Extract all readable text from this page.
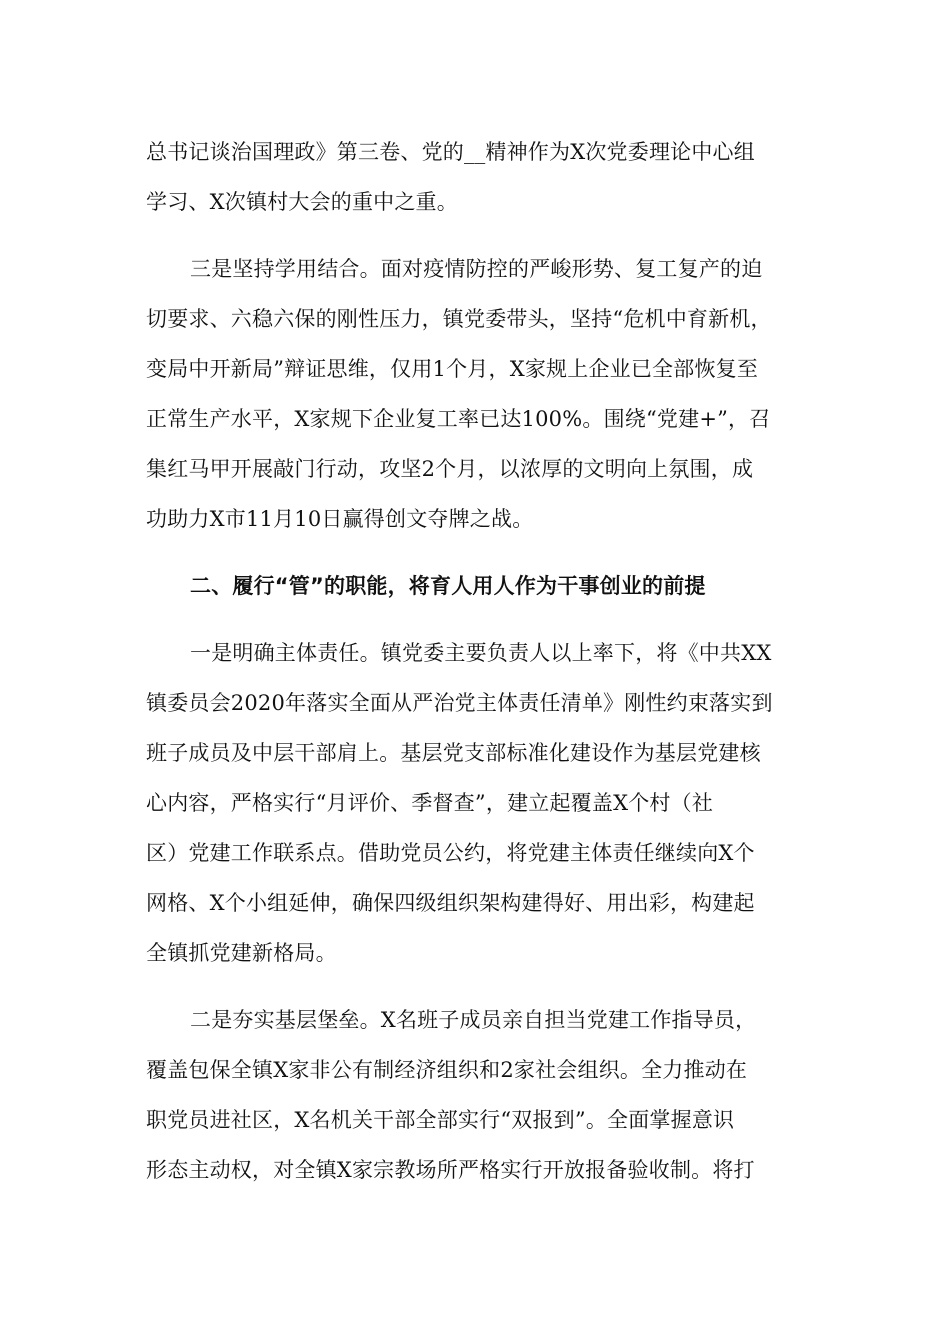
总书记谈治国理政》第三卷、党的__精神作为X次党委理论中心组
学习、X次镇村大会的重中之重。
三是坚持学用结合。面对疫情防控的严峻形势、复工复产的迫
切要求、六稳六保的刚性压力，镇党委带头，坚持“危机中育新机，
变局中开新局”辩证思维，仅用1个月，X家规上企业已全部恢复至
正常生产水平，X家规下企业复工率已达100%。围绕“党建+”，召
集红马甲开展敲门行动，攻坚2个月，以浓厚的文明向上氛围，成
功助力X市11月10日赢得创文夺牌之战。
二、履行“管”的职能，将育人用人作为干事创业的前提
一是明确主体责任。镇党委主要负责人以上率下，将《中共XX
镇委员会2020年落实全面从严治党主体责任清单》刚性约束落实到
班子成员及中层干部肩上。基层党支部标准化建设作为基层党建核
心内容，严格实行“月评价、季督查”，建立起覆盖X个村（社
区）党建工作联系点。借助党员公约，将党建主体责任继续向X个
网格、X个小组延伸，确保四级组织架构建得好、用出彩，构建起
全镇抓党建新格局。
二是夯实基层堡垒。X名班子成员亲自担当党建工作指导员，
覆盖包保全镇X家非公有制经济组织和2家社会组织。全力推动在
职党员进社区，X名机关干部全部实行“双报到”。全面掌握意识
形态主动权，对全镇X家宗教场所严格实行开放报备验收制。将打
